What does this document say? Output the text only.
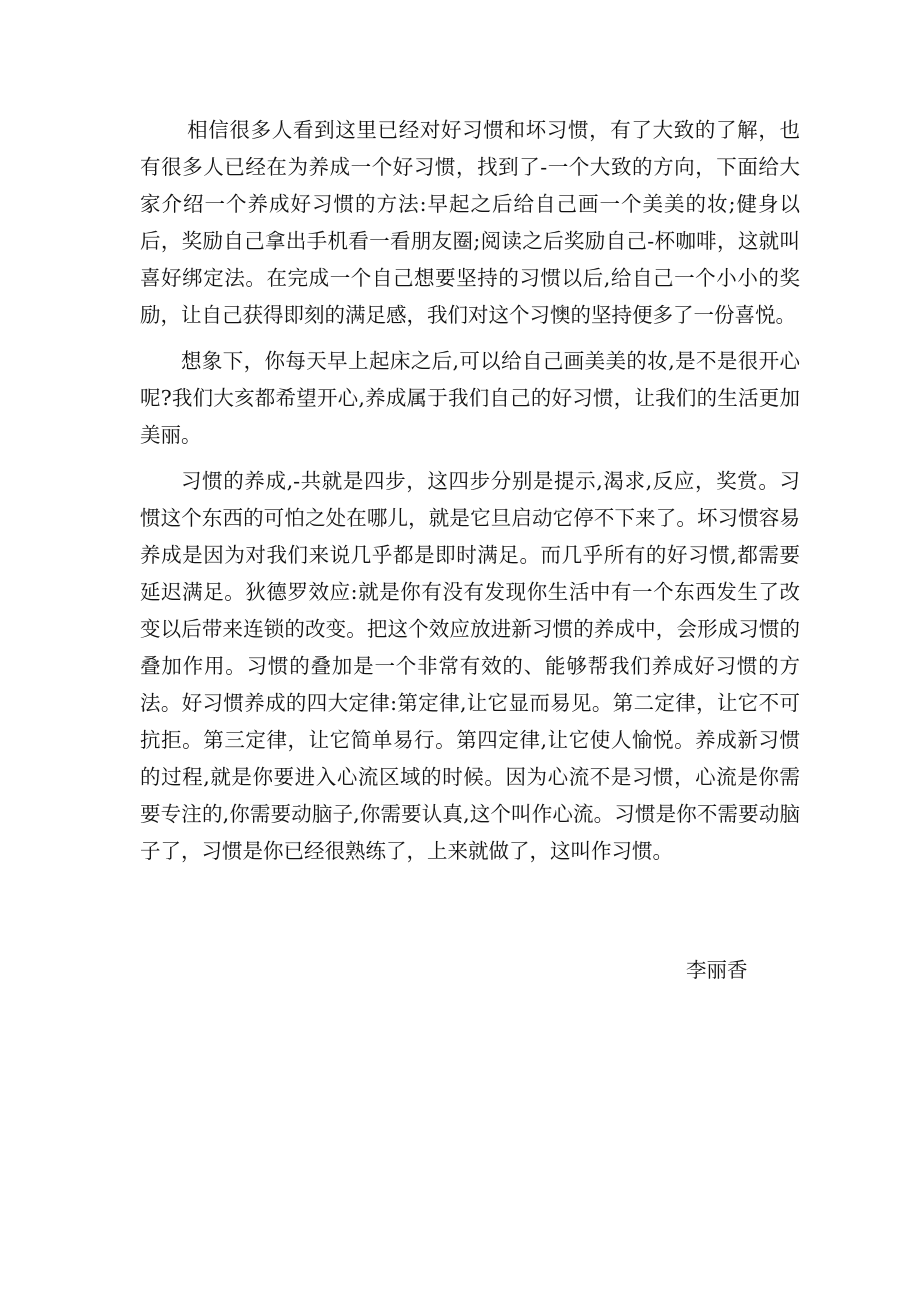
相信很多人看到这里已经对好习惯和坏习惯，有了大致的了解，也有很多人已经在为养成一个好习惯，找到了-一个大致的方向，下面给大家介绍一个养成好习惯的方法:早起之后给自己画一个美美的妆;健身以后，奖励自己拿出手机看一看朋友圈;阅读之后奖励自己-杯咖啡，这就叫喜好绑定法。在完成一个自己想要坚持的习惯以后,给自己一个小小的奖励，让自己获得即刻的满足感，我们对这个习懊的坚持便多了一份喜悦。

想象下，你每天早上起床之后,可以给自己画美美的妆,是不是很开心呢?我们大亥都希望开心,养成属于我们自己的好习惯，让我们的生活更加美丽。

习惯的养成,-共就是四步，这四步分别是提示,渴求,反应，奖赏。习惯这个东西的可怕之处在哪儿，就是它旦启动它停不下来了。坏习惯容易养成是因为对我们来说几乎都是即时满足。而几乎所有的好习惯,都需要延迟满足。狄德罗效应:就是你有没有发现你生活中有一个东西发生了改变以后带来连锁的改变。把这个效应放进新习惯的养成中，会形成习惯的叠加作用。习惯的叠加是一个非常有效的、能够帮我们养成好习惯的方法。好习惯养成的四大定律:第定律,让它显而易见。第二定律，让它不可抗拒。第三定律，让它简单易行。第四定律,让它使人愉悦。养成新习惯的过程,就是你要进入心流区域的时候。因为心流不是习惯，心流是你需要专注的,你需要动脑子,你需要认真,这个叫作心流。习惯是你不需要动脑子了，习惯是你已经很熟练了，上来就做了，这叫作习惯。

李丽香
